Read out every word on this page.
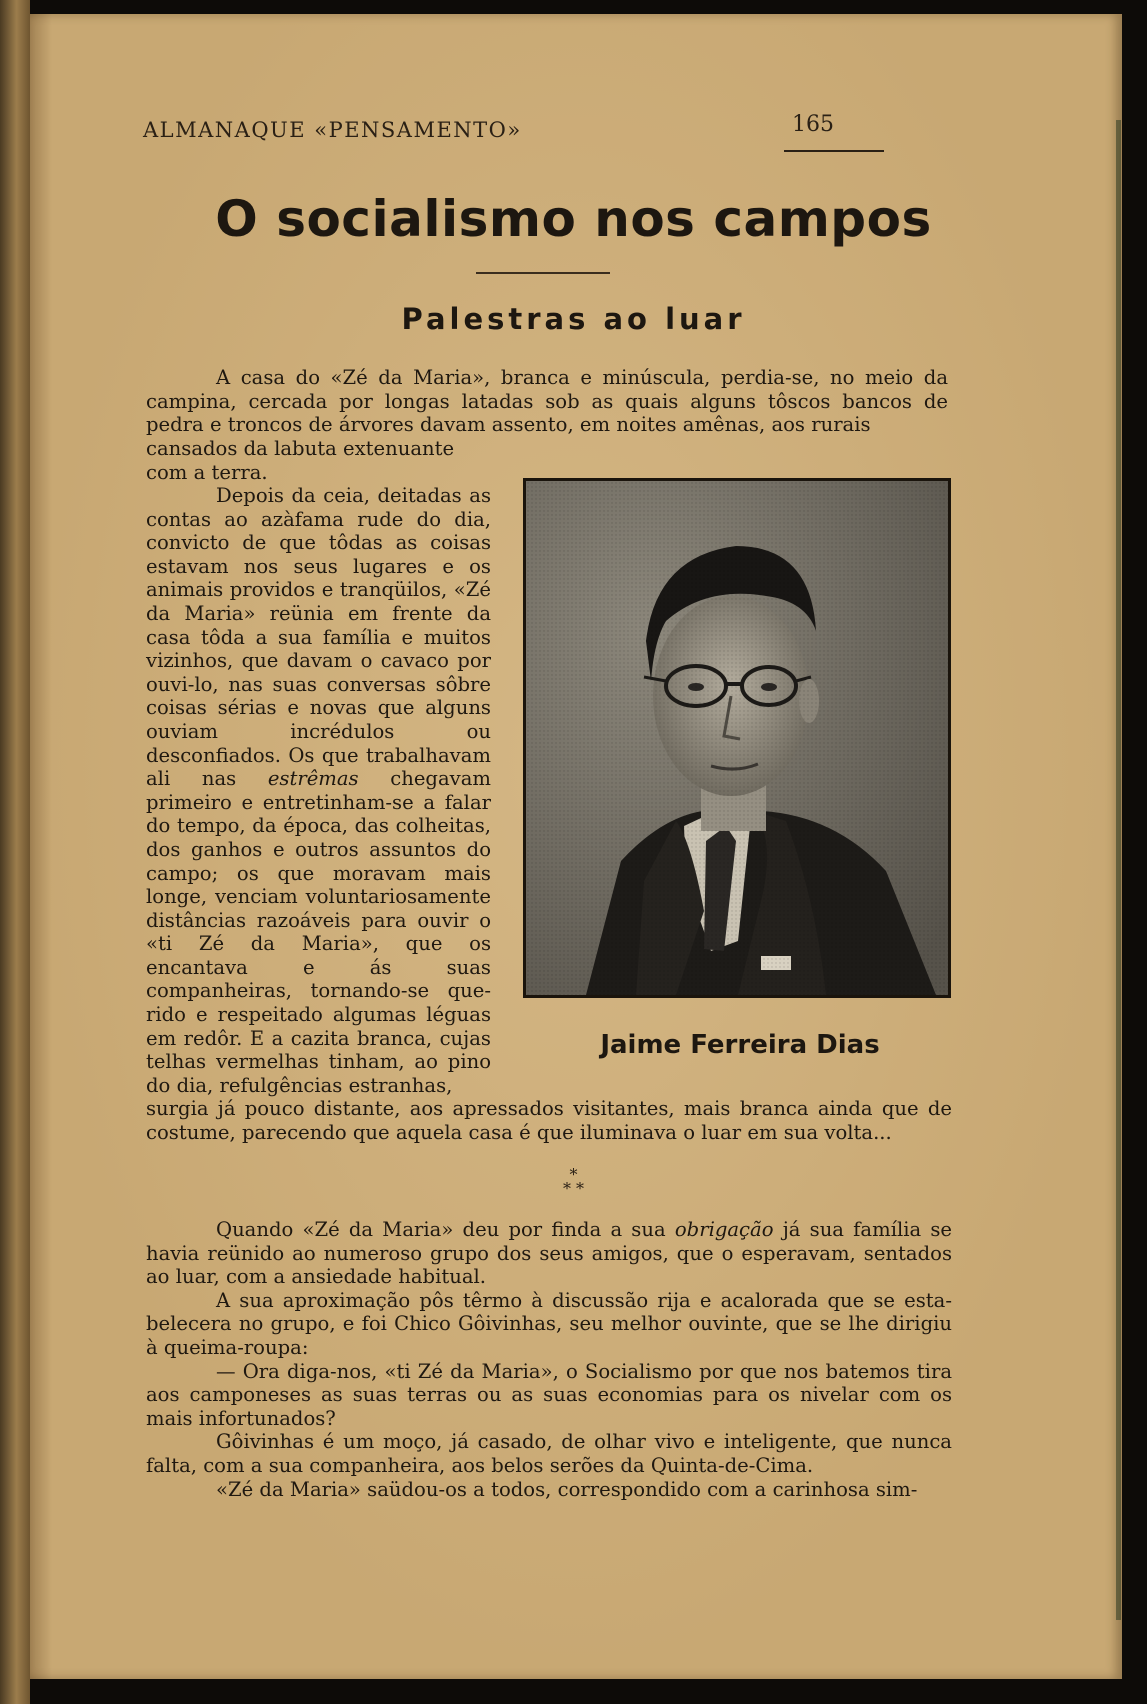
ALMANAQUE «PENSAMENTO»	165
O socialismo nos campos
Palestras ao luar

A casa do «Zé da Maria», branca e minúscula, perdia-se, no meio da campina, cercada por longas latadas sob as quais alguns tôscos bancos de pedra e troncos de árvores davam assento, em noites amênas, aos rurais

cansados da labuta extenuante com a terra.

Depois da ceia, deitadas as contas ao azàfama rude do dia, convicto de que tôdas as coisas estavam nos seus lugares e os animais providos e tranqüilos, «Zé da Maria» reünia em frente da casa tôda a sua família e muitos vizinhos, que davam o cavaco por ouvi-lo, nas suas conversas sôbre coisas sérias e novas que alguns ouviam incrédulos ou desconfiados. Os que trabalhavam ali nas estrêmas chegavam primeiro e entretinham-se a falar do tempo, da época, das colheitas, dos ganhos e outros assuntos do campo; os que moravam mais longe, venciam voluntariosamente distâncias razoáveis para ouvir o «ti Zé da Maria», que os encantava e ás suas companheiras, tornando-se querido e respeitado algumas léguas em redôr. E a cazita branca, cujas telhas vermelhas tinham, ao pino do dia, refulgências estranhas,

Jaime Ferreira Dias

surgia já pouco distante, aos apressados visitantes, mais branca ainda que de costume, parecendo que aquela casa é que iluminava o luar em sua volta...

*
* *

Quando «Zé da Maria» deu por finda a sua obrigação já sua família se havia reünido ao numeroso grupo dos seus amigos, que o esperavam, sentados ao luar, com a ansiedade habitual.

A sua aproximação pôs têrmo à discussão rija e acalorada que se estabelecera no grupo, e foi Chico Gôivinhas, seu melhor ouvinte, que se lhe dirigiu à queima-roupa:

— Ora diga-nos, «ti Zé da Maria», o Socialismo por que nos batemos tira aos camponeses as suas terras ou as suas economias para os nivelar com os mais infortunados?

Gôivinhas é um moço, já casado, de olhar vivo e inteligente, que nunca falta, com a sua companheira, aos belos serões da Quinta-de-Cima.

«Zé da Maria» saüdou-os a todos, correspondido com a carinhosa sim-
